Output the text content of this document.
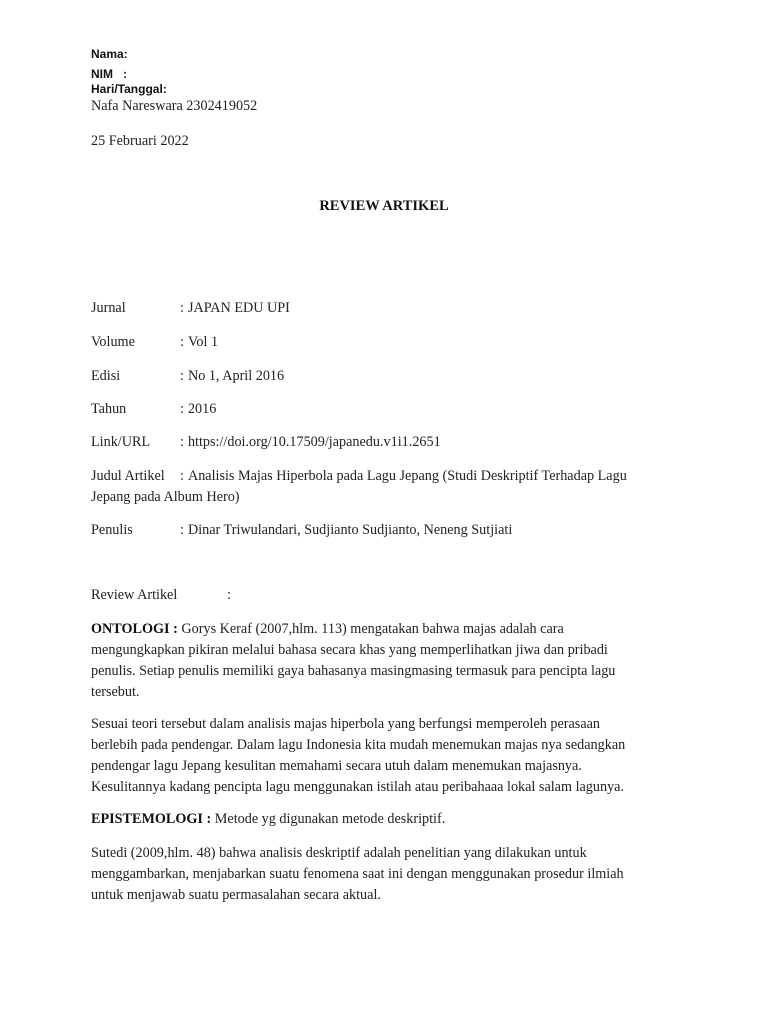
Nama:
NIM   :
Hari/Tanggal:
Nafa Nareswara 2302419052
25 Februari 2022
REVIEW ARTIKEL
Jurnal	: JAPAN EDU UPI
Volume	: Vol 1
Edisi	: No 1, April 2016
Tahun	: 2016
Link/URL : https://doi.org/10.17509/japanedu.v1i1.2651
Judul Artikel : Analisis Majas Hiperbola pada Lagu Jepang (Studi Deskriptif Terhadap Lagu
Jepang pada Album Hero)
Penulis	: Dinar Triwulandari, Sudjianto Sudjianto, Neneng Sutjiati
Review Artikel	:
ONTOLOGI : Gorys Keraf (2007,hlm. 113) mengatakan bahwa majas adalah cara
mengungkapkan pikiran melalui bahasa secara khas yang memperlihatkan jiwa dan pribadi
penulis. Setiap penulis memiliki gaya bahasanya masingmasing termasuk para pencipta lagu
tersebut.
Sesuai teori tersebut dalam analisis majas hiperbola yang berfungsi memperoleh perasaan
berlebih pada pendengar. Dalam lagu Indonesia kita mudah menemukan majas nya sedangkan
pendengar lagu Jepang kesulitan memahami secara utuh dalam menemukan majasnya.
Kesulitannya kadang pencipta lagu menggunakan istilah atau peribahaaa lokal salam lagunya.
EPISTEMOLOGI : Metode yg digunakan metode deskriptif.
Sutedi (2009,hlm. 48) bahwa analisis deskriptif adalah penelitian yang dilakukan untuk
menggambarkan, menjabarkan suatu fenomena saat ini dengan menggunakan prosedur ilmiah
untuk menjawab suatu permasalahan secara aktual.
